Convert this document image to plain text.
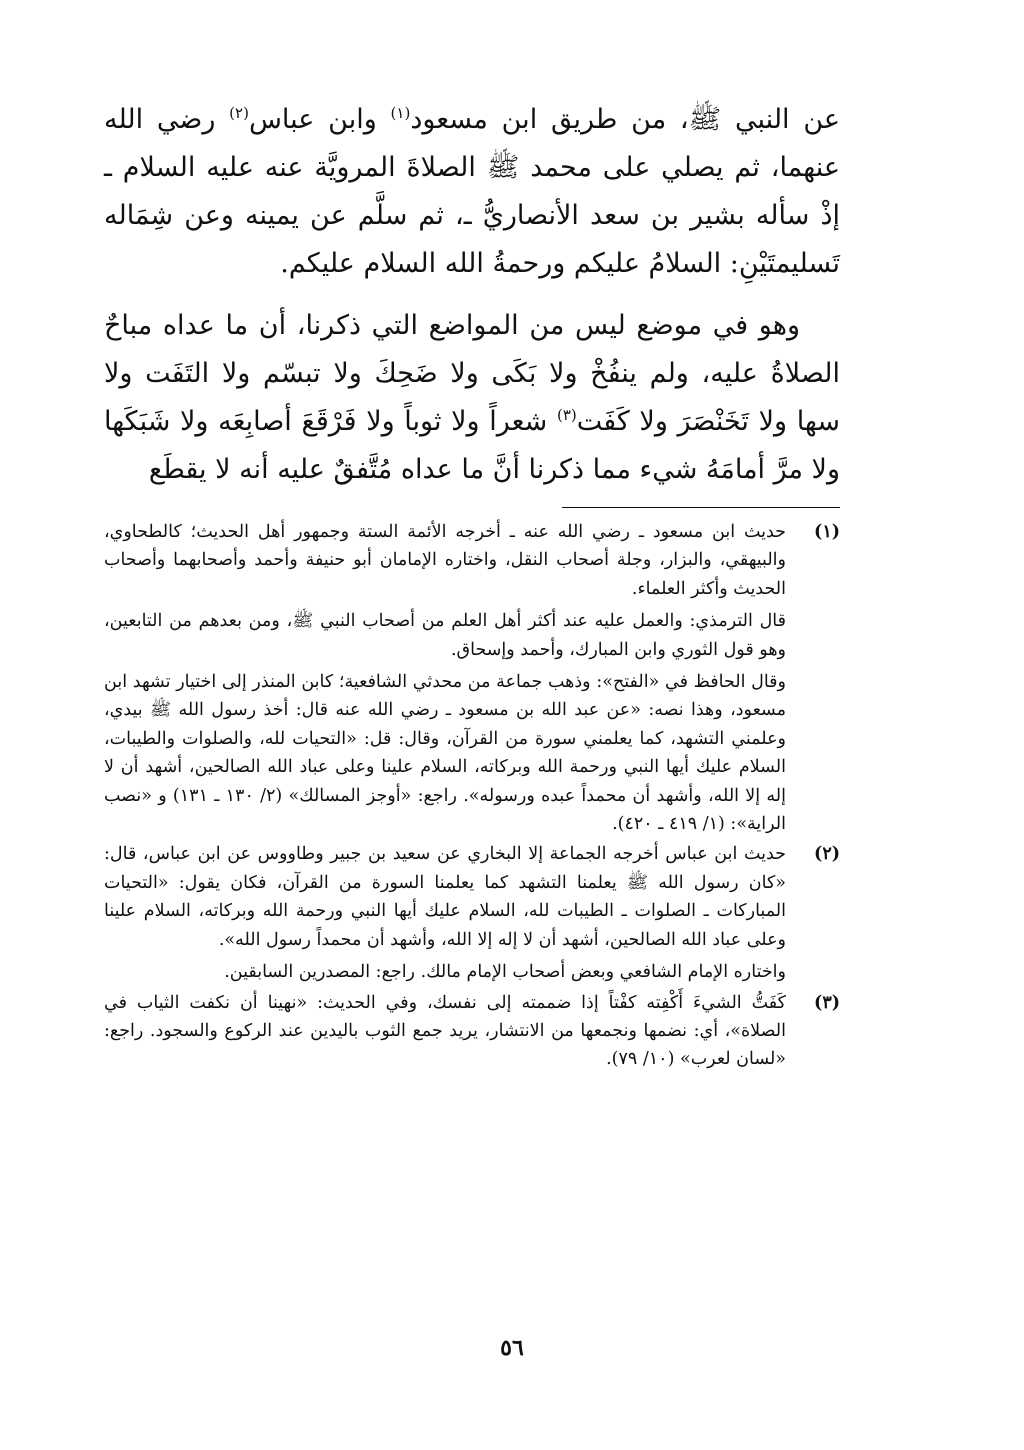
عن النبي ﷺ، من طريق ابن مسعود$^{(١)}$ وابن عباس$^{(٢)}$ رضي الله عنهما، ثم يصلي على محمد ﷺ الصلاةَ المرويَّة عنه عليه السلام ـ إذْ سأله بشير بن سعد الأنصاريُّ ـ، ثم سلَّم عن يمينه وعن شِمَاله تَسليمتَيْنِ: السلامُ عليكم ورحمةُ الله السلام عليكم.

وهو في موضع ليس من المواضع التي ذكرنا، أن ما عداه مباحٌ الصلاةُ عليه، ولم ينفُخْ ولا بَكَى ولا ضَحِكَ ولا تبسّم ولا التَفَت ولا سها ولا تَخَنْصَرَ ولا كَفَت$^{(٣)}$ شعراً ولا ثوباً ولا فَرْقَعَ أصابِعَه ولا شَبَكَها ولا مرَّ أمامَهُ شيء مما ذكرنا أنَّ ما عداه مُتَّفقٌ عليه أنه لا يقطَع

(١)

حديث ابن مسعود ـ رضي الله عنه ـ أخرجه الأئمة الستة وجمهور أهل الحديث؛ كالطحاوي، والبيهقي، والبزار، وجلة أصحاب النقل، واختاره الإمامان أبو حنيفة وأحمد وأصحابهما وأصحاب الحديث وأكثر العلماء.

قال الترمذي: والعمل عليه عند أكثر أهل العلم من أصحاب النبي ﷺ، ومن بعدهم من التابعين، وهو قول الثوري وابن المبارك، وأحمد وإسحاق.

وقال الحافظ في «الفتح»: وذهب جماعة من محدثي الشافعية؛ كابن المنذر إلى اختيار تشهد ابن مسعود، وهذا نصه: «عن عبد الله بن مسعود ـ رضي الله عنه قال: أخذ رسول الله ﷺ بيدي، وعلمني التشهد، كما يعلمني سورة من القرآن، وقال: قل: «التحيات لله، والصلوات والطيبات، السلام عليك أيها النبي ورحمة الله وبركاته، السلام علينا وعلى عباد الله الصالحين، أشهد أن لا إله إلا الله، وأشهد أن محمداً عبده ورسوله». راجع: «أوجز المسالك» (٢/ ١٣٠ ـ ١٣١) و «نصب الراية»: (١/ ٤١٩ ـ ٤٢٠).

(٢)

حديث ابن عباس أخرجه الجماعة إلا البخاري عن سعيد بن جبير وطاووس عن ابن عباس، قال: «كان رسول الله ﷺ يعلمنا التشهد كما يعلمنا السورة من القرآن، فكان يقول: «التحيات المباركات ـ الصلوات ـ الطيبات لله، السلام عليك أيها النبي ورحمة الله وبركاته، السلام علينا وعلى عباد الله الصالحين، أشهد أن لا إله إلا الله، وأشهد أن محمداً رسول الله».

واختاره الإمام الشافعي وبعض أصحاب الإمام مالك. راجع: المصدرين السابقين.

(٣)

كَفَتُّ الشيءَ أَكْفِته كفْتاً إذا ضممته إلى نفسك، وفي الحديث: «نهينا أن نكفت الثياب في الصلاة»، أي: نضمها ونجمعها من الانتشار، يريد جمع الثوب باليدين عند الركوع والسجود. راجع: «لسان لعرب» (١٠/ ٧٩).

٥٦
